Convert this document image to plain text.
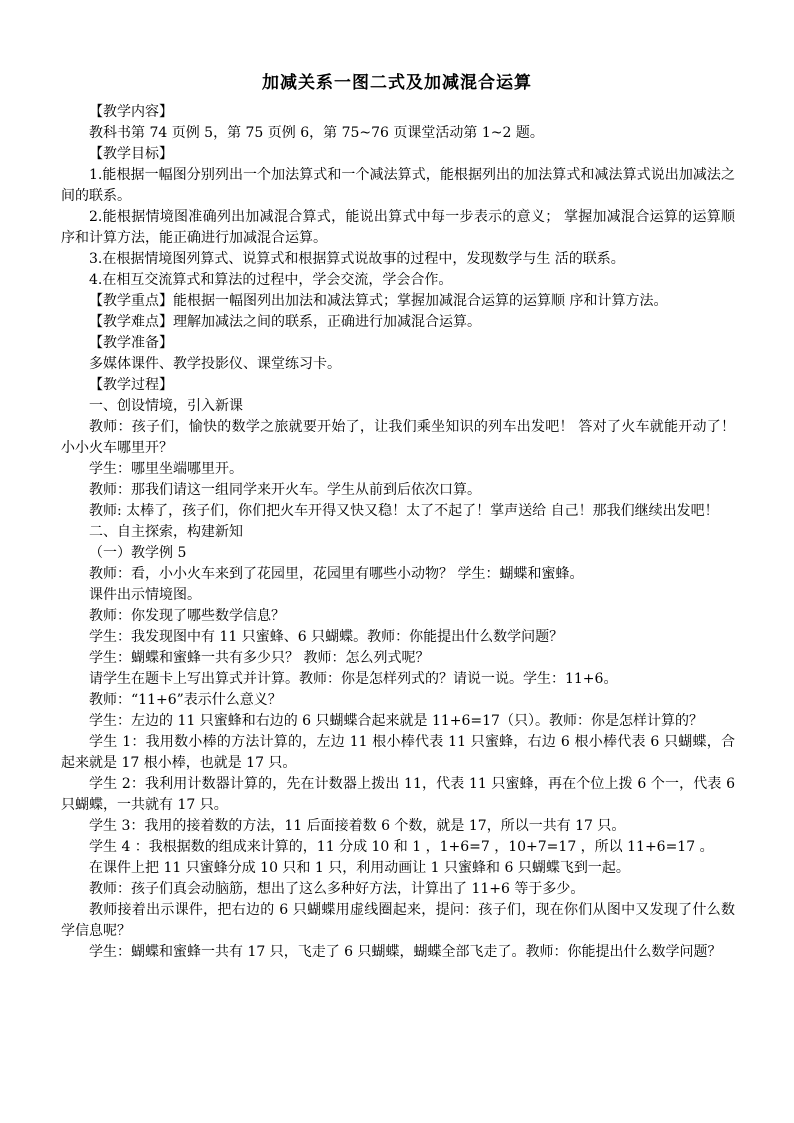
加减关系一图二式及加减混合运算

【教学内容】

教科书第 74 页例 5，第 75 页例 6，第 75~76 页课堂活动第 1~2 题。

【教学目标】

1.能根据一幅图分别列出一个加法算式和一个减法算式，能根据列出的加法算式和减法算式说出加减法之间的联系。

2.能根据情境图准确列出加减混合算式，能说出算式中每一步表示的意义； 掌握加减混合运算的运算顺序和计算方法，能正确进行加减混合运算。

3.在根据情境图列算式、说算式和根据算式说故事的过程中，发现数学与生 活的联系。

4.在相互交流算式和算法的过程中，学会交流，学会合作。

【教学重点】能根据一幅图列出加法和减法算式；掌握加减混合运算的运算顺 序和计算方法。

【教学难点】理解加减法之间的联系，正确进行加减混合运算。

【教学准备】

多媒体课件、教学投影仪、课堂练习卡。

【教学过程】

一、创设情境，引入新课

教师：孩子们，愉快的数学之旅就要开始了，让我们乘坐知识的列车出发吧！ 答对了火车就能开动了！小小火车哪里开？

学生：哪里坐端哪里开。

教师：那我们请这一组同学来开火车。学生从前到后依次口算。

教师: 太棒了，孩子们，你们把火车开得又快又稳！太了不起了！掌声送给 自己！那我们继续出发吧！

二、自主探索，构建新知

（一）教学例 5

教师：看，小小火车来到了花园里，花园里有哪些小动物？ 学生：蝴蝶和蜜蜂。

课件出示情境图。

教师：你发现了哪些数学信息？

学生：我发现图中有 11 只蜜蜂、6 只蝴蝶。教师：你能提出什么数学问题？

学生：蝴蝶和蜜蜂一共有多少只？ 教师：怎么列式呢？

请学生在题卡上写出算式并计算。教师：你是怎样列式的？请说一说。学生：11+6。

教师：“11+6”表示什么意义？

学生：左边的 11 只蜜蜂和右边的 6 只蝴蝶合起来就是 11+6=17（只）。教师：你是怎样计算的？

学生 1：我用数小棒的方法计算的，左边 11 根小棒代表 11 只蜜蜂，右边 6 根小棒代表 6 只蝴蝶，合起来就是 17 根小棒，也就是 17 只。

学生 2：我利用计数器计算的，先在计数器上拨出 11，代表 11 只蜜蜂，再在个位上拨 6 个一，代表 6 只蝴蝶，一共就有 17 只。

学生 3：我用的接着数的方法，11 后面接着数 6 个数，就是 17，所以一共有 17 只。

学生 4 ：我根据数的组成来计算的，11 分成 10 和 1 ，1+6=7 ，10+7=17 ，所以 11+6=17 。

在课件上把 11 只蜜蜂分成 10 只和 1 只，利用动画让 1 只蜜蜂和 6 只蝴蝶飞到一起。

教师：孩子们真会动脑筋，想出了这么多种好方法，计算出了 11+6 等于多少。

教师接着出示课件，把右边的 6 只蝴蝶用虚线圈起来，提问：孩子们，现在你们从图中又发现了什么数学信息呢？

学生：蝴蝶和蜜蜂一共有 17 只，飞走了 6 只蝴蝶，蝴蝶全部飞走了。教师：你能提出什么数学问题？
